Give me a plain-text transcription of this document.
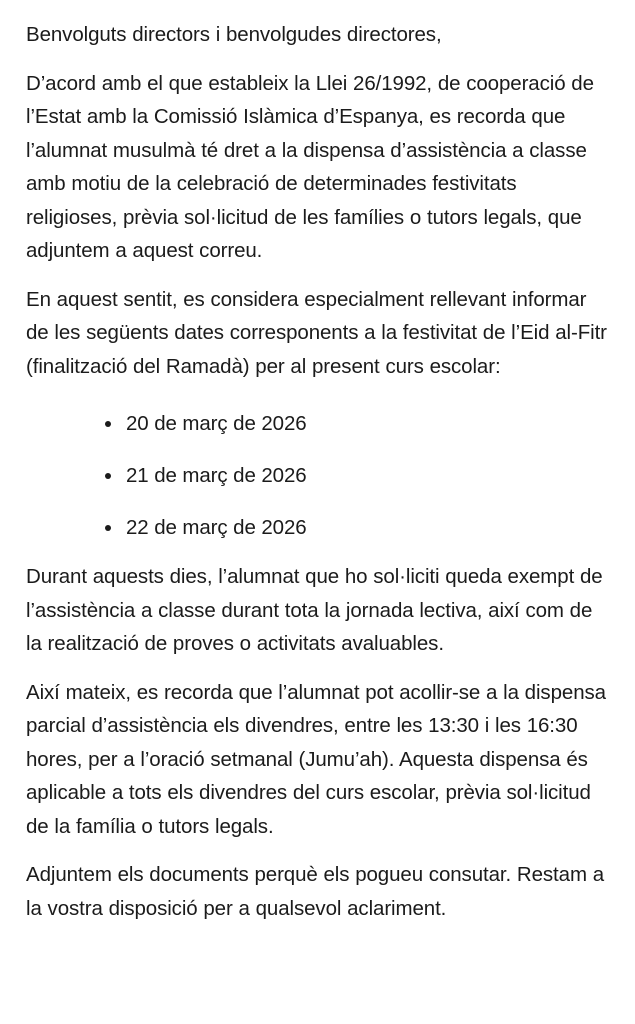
Benvolguts directors i benvolgudes directores,

D’acord amb el que estableix la Llei 26/1992, de cooperació de l’Estat amb la Comissió Islàmica d’Espanya, es recorda que l’alumnat musulmà té dret a la dispensa d’assistència a classe amb motiu de la celebració de determinades festivitats religioses, prèvia sol·licitud de les famílies o tutors legals, que adjuntem a aquest correu.

En aquest sentit, es considera especialment rellevant informar de les següents dates corresponents a la festivitat de l’Eid al-Fitr (finalització del Ramadà) per al present curs escolar:

20 de març de 2026
21 de març de 2026
22 de març de 2026

Durant aquests dies, l’alumnat que ho sol·liciti queda exempt de l’assistència a classe durant tota la jornada lectiva, així com de la realització de proves o activitats avaluables.

Així mateix, es recorda que l’alumnat pot acollir-se a la dispensa parcial d’assistència els divendres, entre les 13:30 i les 16:30 hores, per a l’oració setmanal (Jumu’ah). Aquesta dispensa és aplicable a tots els divendres del curs escolar, prèvia sol·licitud de la família o tutors legals.

Adjuntem els documents perquè els pogueu consutar. Restam a la vostra disposició per a qualsevol aclariment.
